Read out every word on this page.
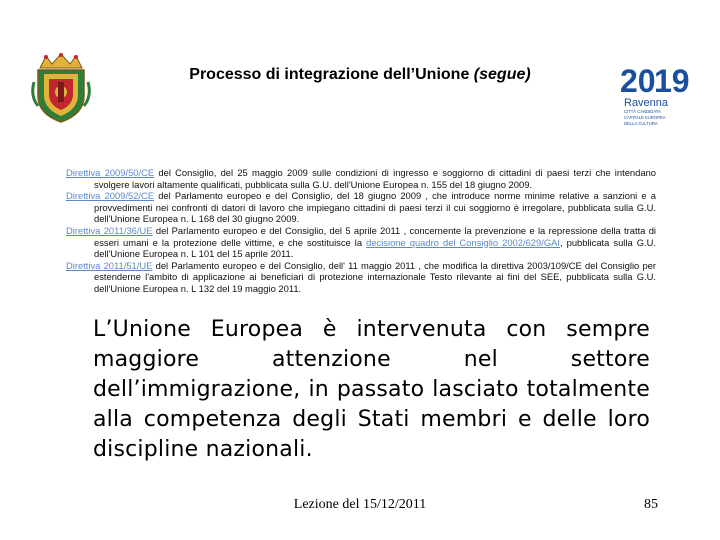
Processo di integrazione dell’Unione (segue)	20
19
Ravenna
CITTÀ CANDIDATA
CAPITALE EUROPEA
DELLA CULTURA

Direttiva 2009/50/CE del Consiglio, del 25 maggio 2009 sulle condizioni di ingresso e soggiorno di cittadini di paesi terzi che intendano svolgere lavori altamente qualificati, pubblicata sulla G.U. dell'Unione Europea n. 155 del 18 giugno 2009.

Direttiva 2009/52/CE del Parlamento europeo e del Consiglio, del 18 giugno 2009 , che introduce norme minime relative a sanzioni e a provvedimenti nei confronti di datori di lavoro che impiegano cittadini di paesi terzi il cui soggiorno è irregolare, pubblicata sulla G.U. dell'Unione Europea n. L 168 del 30 giugno 2009.

Direttiva 2011/36/UE del Parlamento europeo e del Consiglio, del 5 aprile 2011 , concernente la prevenzione e la repressione della tratta di esseri umani e la protezione delle vittime, e che sostituisce la decisione quadro del Consiglio 2002/629/GAI, pubblicata sulla G.U. dell'Unione Europea n. L 101 del 15 aprile 2011.

Direttiva 2011/51/UE del Parlamento europeo e del Consiglio, dell' 11 maggio 2011 , che modifica la direttiva 2003/109/CE del Consiglio per estenderne l'ambito di applicazione ai beneficiari di protezione internazionale Testo rilevante ai fini del SEE, pubblicata sulla G.U. dell'Unione Europea n. L 132 del 19 maggio 2011.

L’Unione Europea è intervenuta con sempre maggiore attenzione nel settore dell’immigrazione, in passato lasciato totalmente alla competenza degli Stati membri e delle loro discipline nazionali.
Lezione del 15/12/2011	85
